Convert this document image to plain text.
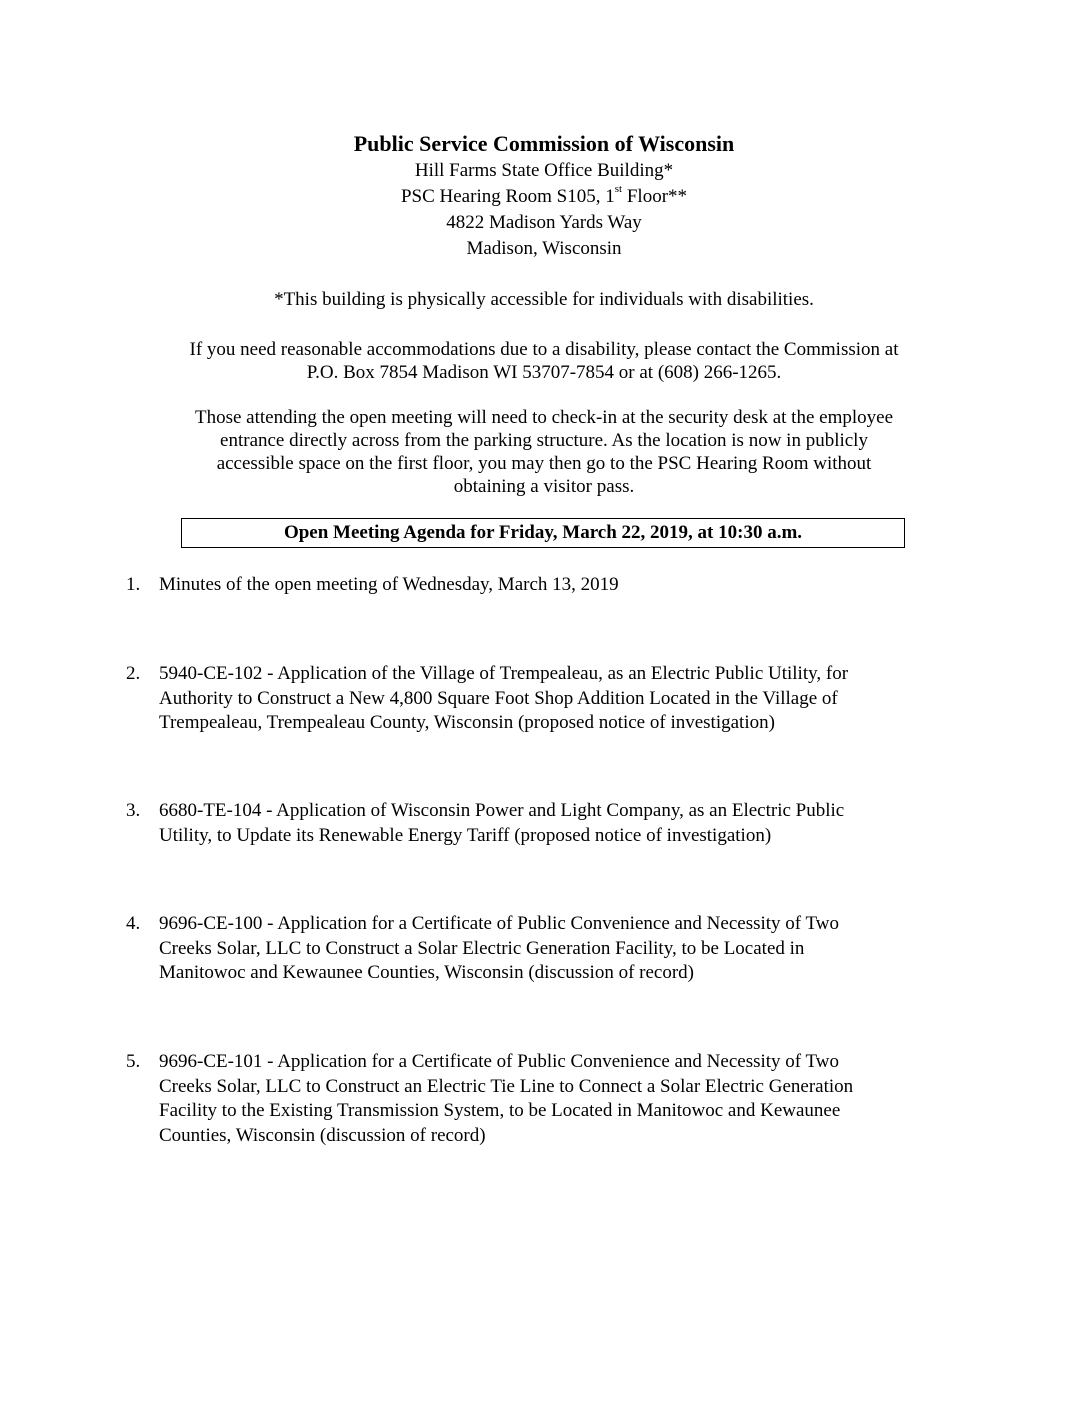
Public Service Commission of Wisconsin
Hill Farms State Office Building*
PSC Hearing Room S105, 1st Floor**
4822 Madison Yards Way
Madison, Wisconsin
*This building is physically accessible for individuals with disabilities.
If you need reasonable accommodations due to a disability, please contact the Commission at
P.O. Box 7854 Madison WI 53707-7854 or at (608) 266-1265.
Those attending the open meeting will need to check-in at the security desk at the employee
entrance directly across from the parking structure. As the location is now in publicly
accessible space on the first floor, you may then go to the PSC Hearing Room without
obtaining a visitor pass.
Open Meeting Agenda for Friday, March 22, 2019, at 10:30 a.m.
1. Minutes of the open meeting of Wednesday, March 13, 2019
2. 5940-CE-102 - Application of the Village of Trempealeau, as an Electric Public Utility, for
Authority to Construct a New 4,800 Square Foot Shop Addition Located in the Village of
Trempealeau, Trempealeau County, Wisconsin (proposed notice of investigation)
3. 6680-TE-104 - Application of Wisconsin Power and Light Company, as an Electric Public
Utility, to Update its Renewable Energy Tariff (proposed notice of investigation)
4. 9696-CE-100 - Application for a Certificate of Public Convenience and Necessity of Two
Creeks Solar, LLC to Construct a Solar Electric Generation Facility, to be Located in
Manitowoc and Kewaunee Counties, Wisconsin (discussion of record)
5. 9696-CE-101 - Application for a Certificate of Public Convenience and Necessity of Two
Creeks Solar, LLC to Construct an Electric Tie Line to Connect a Solar Electric Generation
Facility to the Existing Transmission System, to be Located in Manitowoc and Kewaunee
Counties, Wisconsin (discussion of record)
